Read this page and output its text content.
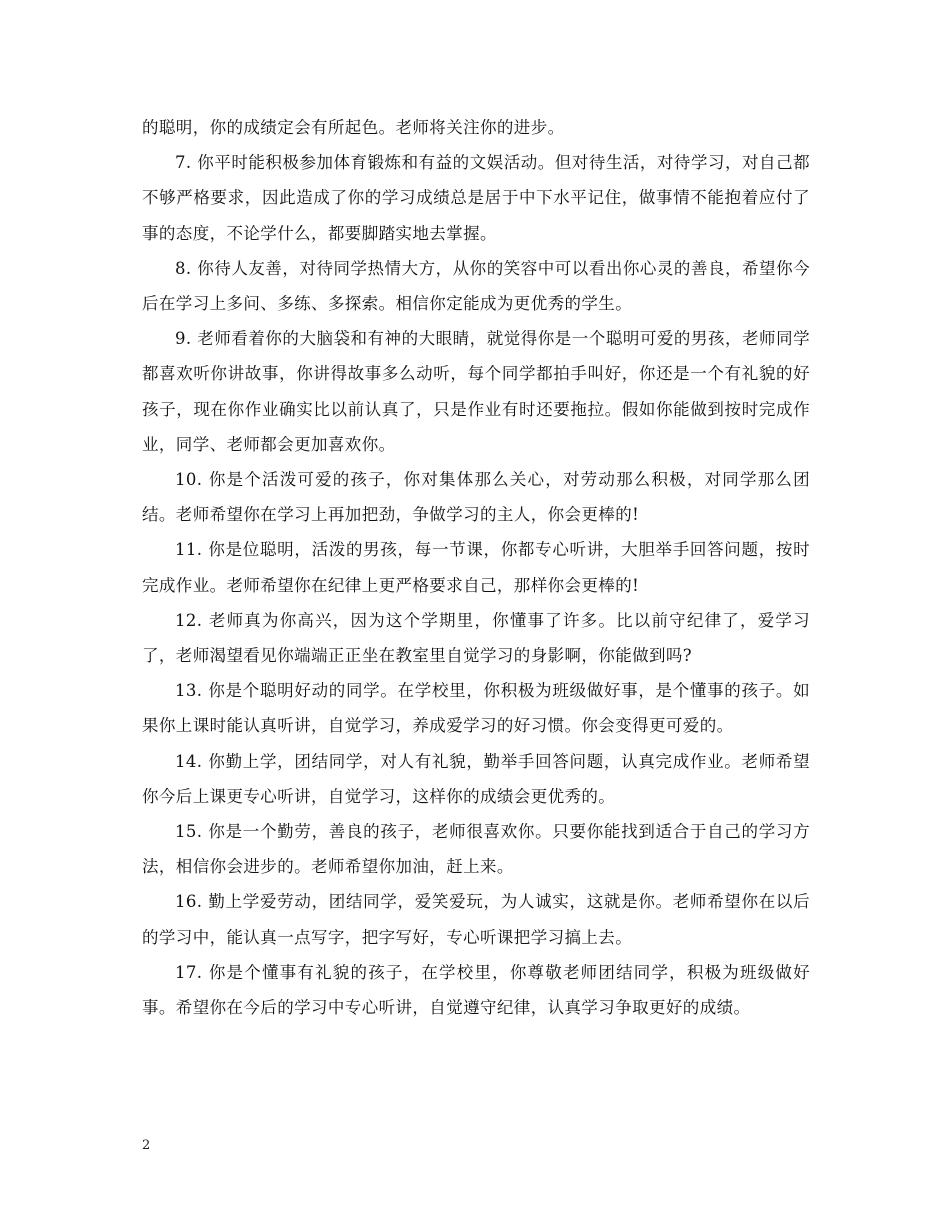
的聪明，你的成绩定会有所起色。老师将关注你的进步。

7. 你平时能积极参加体育锻炼和有益的文娱活动。但对待生活，对待学习，对自己都不够严格要求，因此造成了你的学习成绩总是居于中下水平记住，做事情不能抱着应付了事的态度，不论学什么，都要脚踏实地去掌握。

8. 你待人友善，对待同学热情大方，从你的笑容中可以看出你心灵的善良，希望你今后在学习上多问、多练、多探索。相信你定能成为更优秀的学生。

9. 老师看着你的大脑袋和有神的大眼睛，就觉得你是一个聪明可爱的男孩，老师同学都喜欢听你讲故事，你讲得故事多么动听，每个同学都拍手叫好，你还是一个有礼貌的好孩子，现在你作业确实比以前认真了，只是作业有时还要拖拉。假如你能做到按时完成作业，同学、老师都会更加喜欢你。

10. 你是个活泼可爱的孩子，你对集体那么关心，对劳动那么积极，对同学那么团结。老师希望你在学习上再加把劲，争做学习的主人，你会更棒的!

11. 你是位聪明，活泼的男孩，每一节课，你都专心听讲，大胆举手回答问题，按时完成作业。老师希望你在纪律上更严格要求自己，那样你会更棒的!

12. 老师真为你高兴，因为这个学期里，你懂事了许多。比以前守纪律了，爱学习了，老师渴望看见你端端正正坐在教室里自觉学习的身影啊，你能做到吗?

13. 你是个聪明好动的同学。在学校里，你积极为班级做好事，是个懂事的孩子。如果你上课时能认真听讲，自觉学习，养成爱学习的好习惯。你会变得更可爱的。

14. 你勤上学，团结同学，对人有礼貌，勤举手回答问题，认真完成作业。老师希望你今后上课更专心听讲，自觉学习，这样你的成绩会更优秀的。

15. 你是一个勤劳，善良的孩子，老师很喜欢你。只要你能找到适合于自己的学习方法，相信你会进步的。老师希望你加油，赶上来。

16. 勤上学爱劳动，团结同学，爱笑爱玩，为人诚实，这就是你。老师希望你在以后的学习中，能认真一点写字，把字写好，专心听课把学习搞上去。

17. 你是个懂事有礼貌的孩子，在学校里，你尊敬老师团结同学，积极为班级做好事。希望你在今后的学习中专心听讲，自觉遵守纪律，认真学习争取更好的成绩。

2
